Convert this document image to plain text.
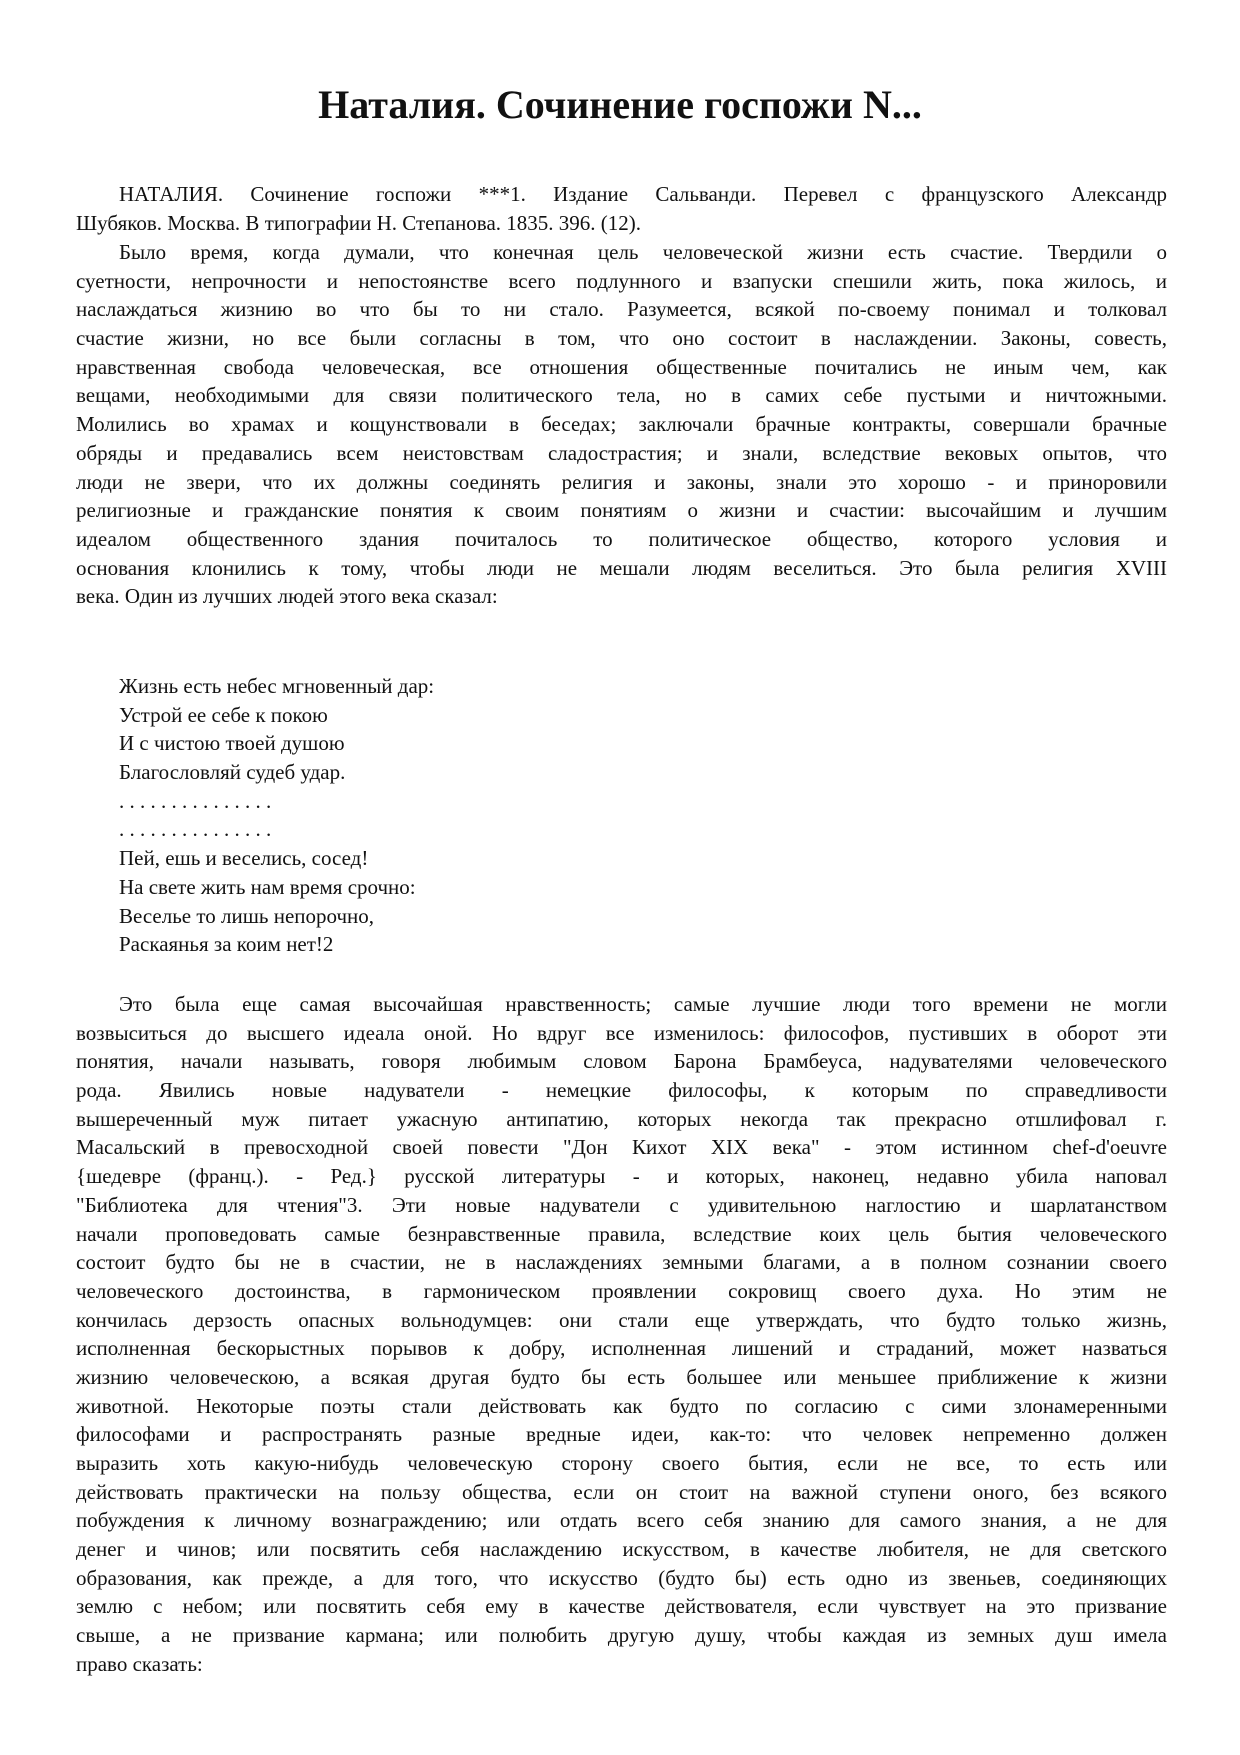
Наталия. Сочинение госпожи N...
НАТАЛИЯ. Сочинение госпожи ***1. Издание Сальванди. Перевел с французского Александр
Шубяков. Москва. В типографии Н. Степанова. 1835. 396. (12).
Было время, когда думали, что конечная цель человеческой жизни есть счастие. Твердили о
суетности, непрочности и непостоянстве всего подлунного и взапуски спешили жить, пока жилось, и
наслаждаться жизнию во что бы то ни стало. Разумеется, всякой по-своему понимал и толковал
счастие жизни, но все были согласны в том, что оно состоит в наслаждении. Законы, совесть,
нравственная свобода человеческая, все отношения общественные почитались не иным чем, как
вещами, необходимыми для связи политического тела, но в самих себе пустыми и ничтожными.
Молились во храмах и кощунствовали в беседах; заключали брачные контракты, совершали брачные
обряды и предавались всем неистовствам сладострастия; и знали, вследствие вековых опытов, что
люди не звери, что их должны соединять религия и законы, знали это хорошо - и приноровили
религиозные и гражданские понятия к своим понятиям о жизни и счастии: высочайшим и лучшим
идеалом общественного здания почиталось то политическое общество, которого условия и
основания клонились к тому, чтобы люди не мешали людям веселиться. Это была религия XVIII
века. Один из лучших людей этого века сказал:
Жизнь есть небес мгновенный дар:
Устрой ее себе к покою
И с чистою твоей душою
Благословляй судеб удар.
. . . . . . . . . . . . . . .
. . . . . . . . . . . . . . .
Пей, ешь и веселись, сосед!
На свете жить нам время срочно:
Веселье то лишь непорочно,
Раскаянья за коим нет!2
Это была еще самая высочайшая нравственность; самые лучшие люди того времени не могли
возвыситься до высшего идеала оной. Но вдруг все изменилось: философов, пустивших в оборот эти
понятия, начали называть, говоря любимым словом Барона Брамбеуса, надувателями человеческого
рода. Явились новые надуватели - немецкие философы, к которым по справедливости
вышереченный муж питает ужасную антипатию, которых некогда так прекрасно отшлифовал г.
Масальский в превосходной своей повести "Дон Кихот XIX века" - этом истинном chef-d'oeuvre
{шедевре (франц.). - Ред.} русской литературы - и которых, наконец, недавно убила наповал
"Библиотека для чтения"3. Эти новые надуватели с удивительною наглостию и шарлатанством
начали проповедовать самые безнравственные правила, вследствие коих цель бытия человеческого
состоит будто бы не в счастии, не в наслаждениях земными благами, а в полном сознании своего
человеческого достоинства, в гармоническом проявлении сокровищ своего духа. Но этим не
кончилась дерзость опасных вольнодумцев: они стали еще утверждать, что будто только жизнь,
исполненная бескорыстных порывов к добру, исполненная лишений и страданий, может назваться
жизнию человеческою, а всякая другая будто бы есть большее или меньшее приближение к жизни
животной. Некоторые поэты стали действовать как будто по согласию с сими злонамеренными
философами и распространять разные вредные идеи, как-то: что человек непременно должен
выразить хоть какую-нибудь человеческую сторону своего бытия, если не все, то есть или
действовать практически на пользу общества, если он стоит на важной ступени оного, без всякого
побуждения к личному вознаграждению; или отдать всего себя знанию для самого знания, а не для
денег и чинов; или посвятить себя наслаждению искусством, в качестве любителя, не для светского
образования, как прежде, а для того, что искусство (будто бы) есть одно из звеньев, соединяющих
землю с небом; или посвятить себя ему в качестве действователя, если чувствует на это призвание
свыше, а не призвание кармана; или полюбить другую душу, чтобы каждая из земных душ имела
право сказать:
